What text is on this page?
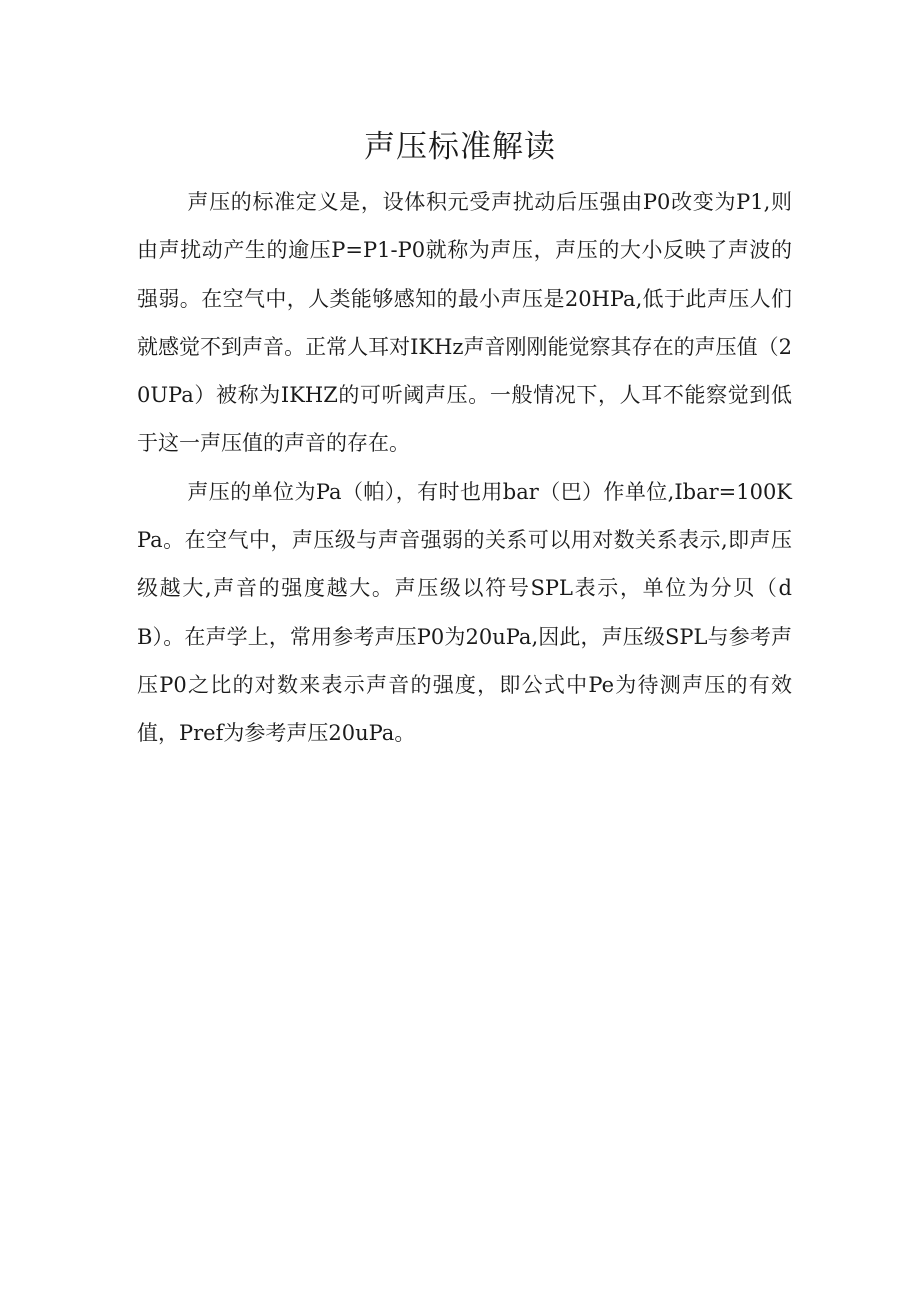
声压标准解读

声压的标准定义是，设体积元受声扰动后压强由P0改变为P1,则由声扰动产生的逾压P=P1-P0就称为声压，声压的大小反映了声波的强弱。在空气中，人类能够感知的最小声压是20HPa,低于此声压人们就感觉不到声音。正常人耳对IKHz声音刚刚能觉察其存在的声压值（20UPa）被称为IKHZ的可听阈声压。一般情况下，人耳不能察觉到低于这一声压值的声音的存在。

声压的单位为Pa（帕），有时也用bar（巴）作单位,Ibar=100KPa。在空气中，声压级与声音强弱的关系可以用对数关系表示,即声压级越大,声音的强度越大。声压级以符号SPL表示，单位为分贝（dB）。在声学上，常用参考声压P0为20uPa,因此，声压级SPL与参考声压P0之比的对数来表示声音的强度，即公式中Pe为待测声压的有效值，Pref为参考声压20uPa。
